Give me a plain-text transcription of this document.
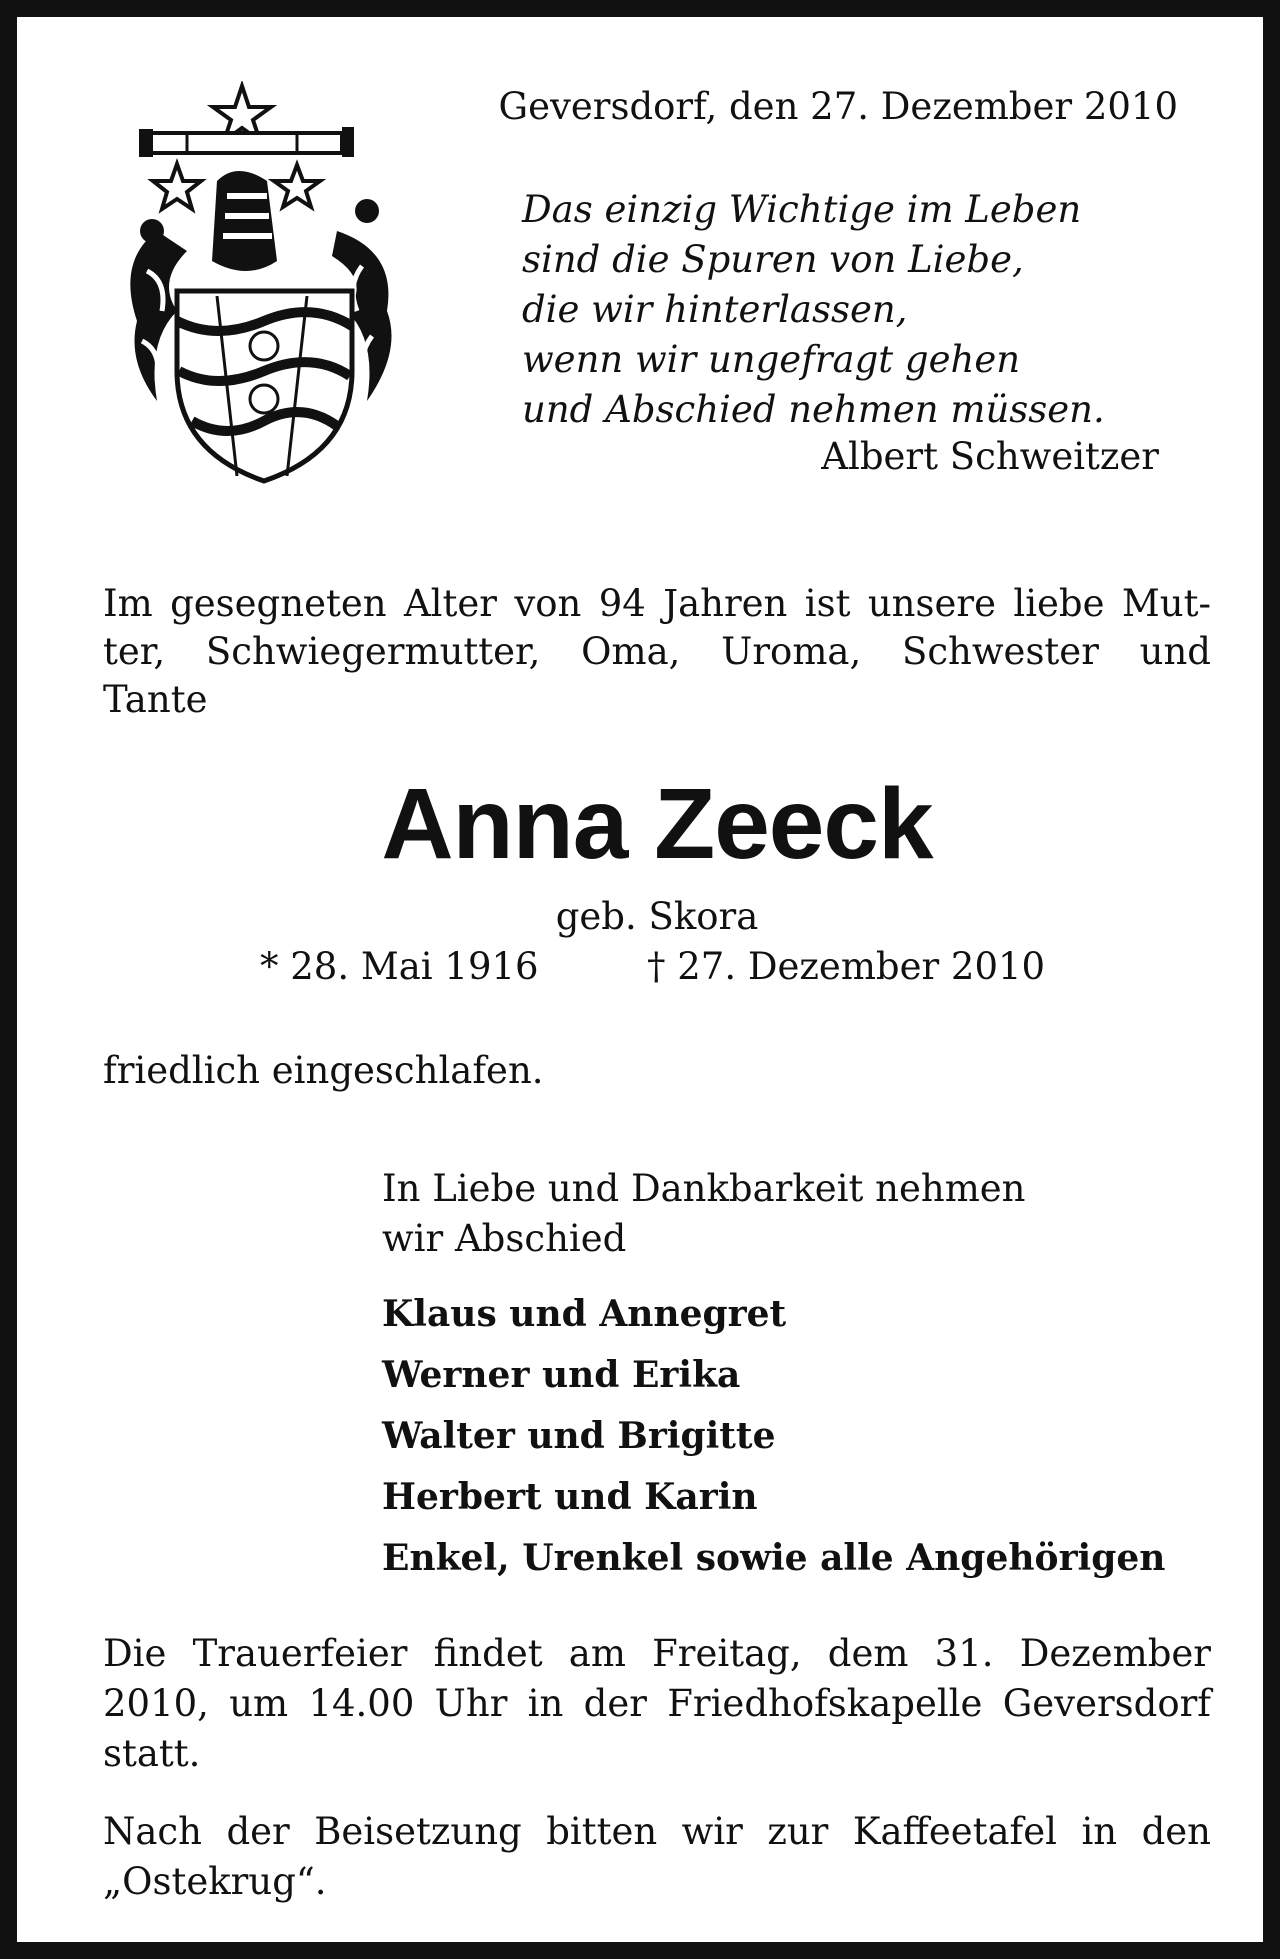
Geversdorf, den 27. Dezember 2010
Das einzig Wichtige im Leben
sind die Spuren von Liebe,
die wir hinterlassen,
wenn wir ungefragt gehen
und Abschied nehmen müssen.
Albert Schweitzer
Im gesegneten Alter von 94 Jahren ist unsere liebe Mut-
ter, Schwiegermutter, Oma, Uroma, Schwester und
Tante
Anna Zeeck
geb. Skora
* 28. Mai 1916	† 27. Dezember 2010
friedlich eingeschlafen.
In Liebe und Dankbarkeit nehmen
wir Abschied
Klaus und Annegret
Werner und Erika
Walter und Brigitte
Herbert und Karin
Enkel, Urenkel sowie alle Angehörigen
Die Trauerfeier findet am Freitag, dem 31. Dezember
2010, um 14.00 Uhr in der Friedhofskapelle Geversdorf
statt.
Nach der Beisetzung bitten wir zur Kaffeetafel in den
„Ostekrug“.
